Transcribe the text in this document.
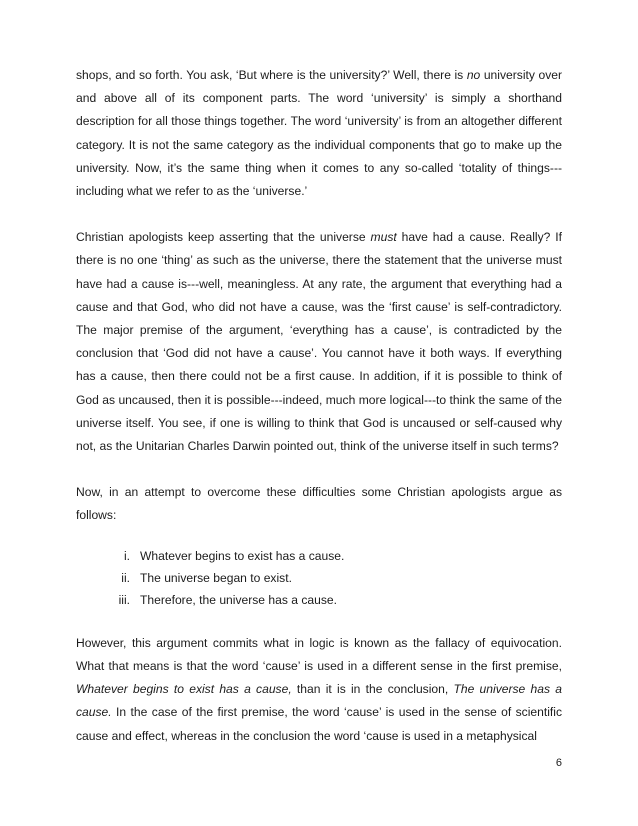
shops, and so forth. You ask, ‘But where is the university?’ Well, there is no university over and above all of its component parts. The word ‘university’ is simply a shorthand description for all those things together. The word ‘university’ is from an altogether different category. It is not the same category as the individual components that go to make up the university. Now, it’s the same thing when it comes to any so-called ‘totality of things---including what we refer to as the ‘universe.’

Christian apologists keep asserting that the universe must have had a cause. Really? If there is no one ‘thing’ as such as the universe, there the statement that the universe must have had a cause is---well, meaningless. At any rate, the argument that everything had a cause and that God, who did not have a cause, was the ‘first cause’ is self-contradictory. The major premise of the argument, ‘everything has a cause’, is contradicted by the conclusion that ‘God did not have a cause’. You cannot have it both ways. If everything has a cause, then there could not be a first cause. In addition, if it is possible to think of God as uncaused, then it is possible---indeed, much more logical---to think the same of the universe itself. You see, if one is willing to think that God is uncaused or self-caused why not, as the Unitarian Charles Darwin pointed out, think of the universe itself in such terms?

Now, in an attempt to overcome these difficulties some Christian apologists argue as follows:

i. Whatever begins to exist has a cause.
ii. The universe began to exist.
iii. Therefore, the universe has a cause.

However, this argument commits what in logic is known as the fallacy of equivocation. What that means is that the word ‘cause’ is used in a different sense in the first premise, Whatever begins to exist has a cause, than it is in the conclusion, The universe has a cause. In the case of the first premise, the word ‘cause’ is used in the sense of scientific cause and effect, whereas in the conclusion the word ‘cause is used in a metaphysical

6
